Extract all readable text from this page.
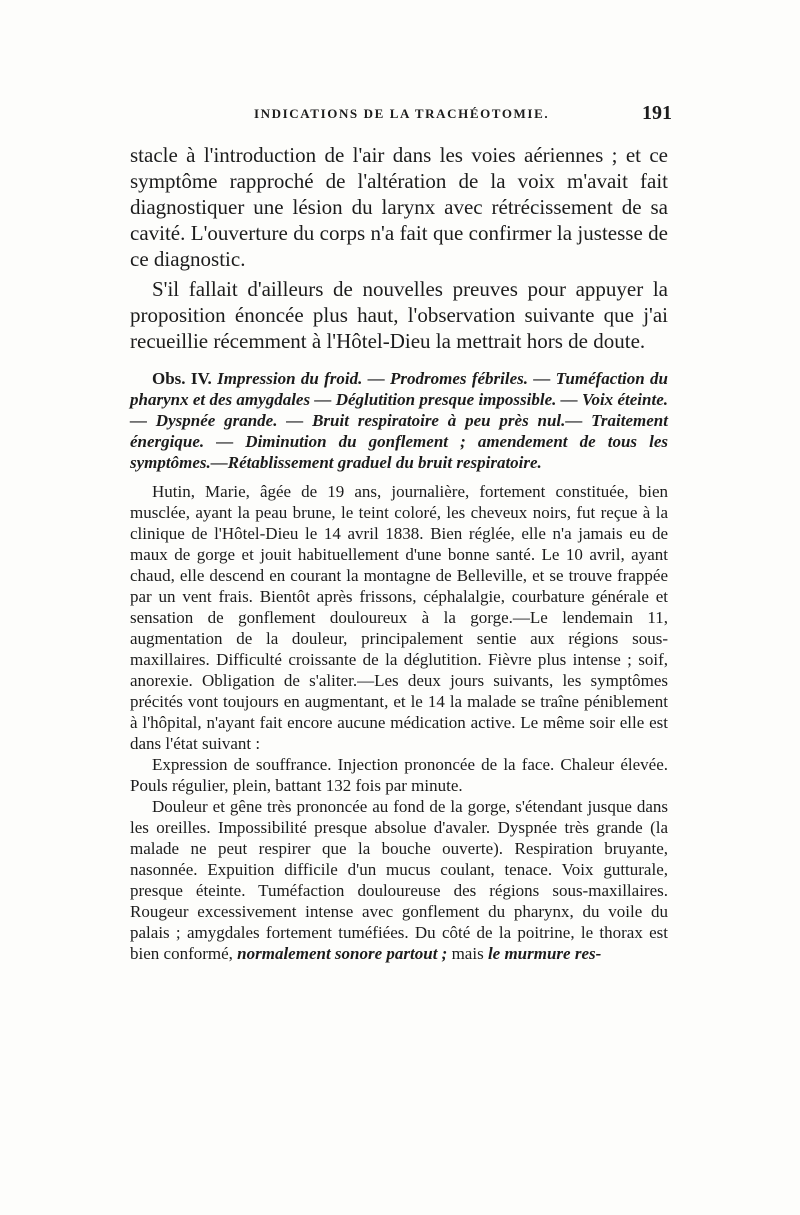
INDICATIONS DE LA TRACHÉOTOMIE.	191

stacle à l'introduction de l'air dans les voies aériennes ; et ce symptôme rapproché de l'altération de la voix m'avait fait diagnostiquer une lésion du larynx avec rétrécissement de sa cavité. L'ouverture du corps n'a fait que confirmer la justesse de ce diagnostic.

S'il fallait d'ailleurs de nouvelles preuves pour appuyer la proposition énoncée plus haut, l'observation suivante que j'ai recueillie récemment à l'Hôtel-Dieu la mettrait hors de doute.

Obs. IV. Impression du froid. — Prodromes fébriles. — Tuméfaction du pharynx et des amygdales — Déglutition presque impossible. — Voix éteinte. — Dyspnée grande. — Bruit respiratoire à peu près nul.— Traitement énergique. — Diminution du gonflement ; amendement de tous les symptômes.—Rétablissement graduel du bruit respiratoire.

Hutin, Marie, âgée de 19 ans, journalière, fortement constituée, bien musclée, ayant la peau brune, le teint coloré, les cheveux noirs, fut reçue à la clinique de l'Hôtel-Dieu le 14 avril 1838. Bien réglée, elle n'a jamais eu de maux de gorge et jouit habituellement d'une bonne santé. Le 10 avril, ayant chaud, elle descend en courant la montagne de Belleville, et se trouve frappée par un vent frais. Bientôt après frissons, céphalalgie, courbature générale et sensation de gonflement douloureux à la gorge.—Le lendemain 11, augmentation de la douleur, principalement sentie aux régions sous-maxillaires. Difficulté croissante de la déglutition. Fièvre plus intense ; soif, anorexie. Obligation de s'aliter.—Les deux jours suivants, les symptômes précités vont toujours en augmentant, et le 14 la malade se traîne péniblement à l'hôpital, n'ayant fait encore aucune médication active. Le même soir elle est dans l'état suivant :

Expression de souffrance. Injection prononcée de la face. Chaleur élevée. Pouls régulier, plein, battant 132 fois par minute.

Douleur et gêne très prononcée au fond de la gorge, s'étendant jusque dans les oreilles. Impossibilité presque absolue d'avaler. Dyspnée très grande (la malade ne peut respirer que la bouche ouverte). Respiration bruyante, nasonnée. Expuition difficile d'un mucus coulant, tenace. Voix gutturale, presque éteinte. Tuméfaction douloureuse des régions sous-maxillaires. Rougeur excessivement intense avec gonflement du pharynx, du voile du palais ; amygdales fortement tuméfiées. Du côté de la poitrine, le thorax est bien conformé, normalement sonore partout ; mais le murmure res-
